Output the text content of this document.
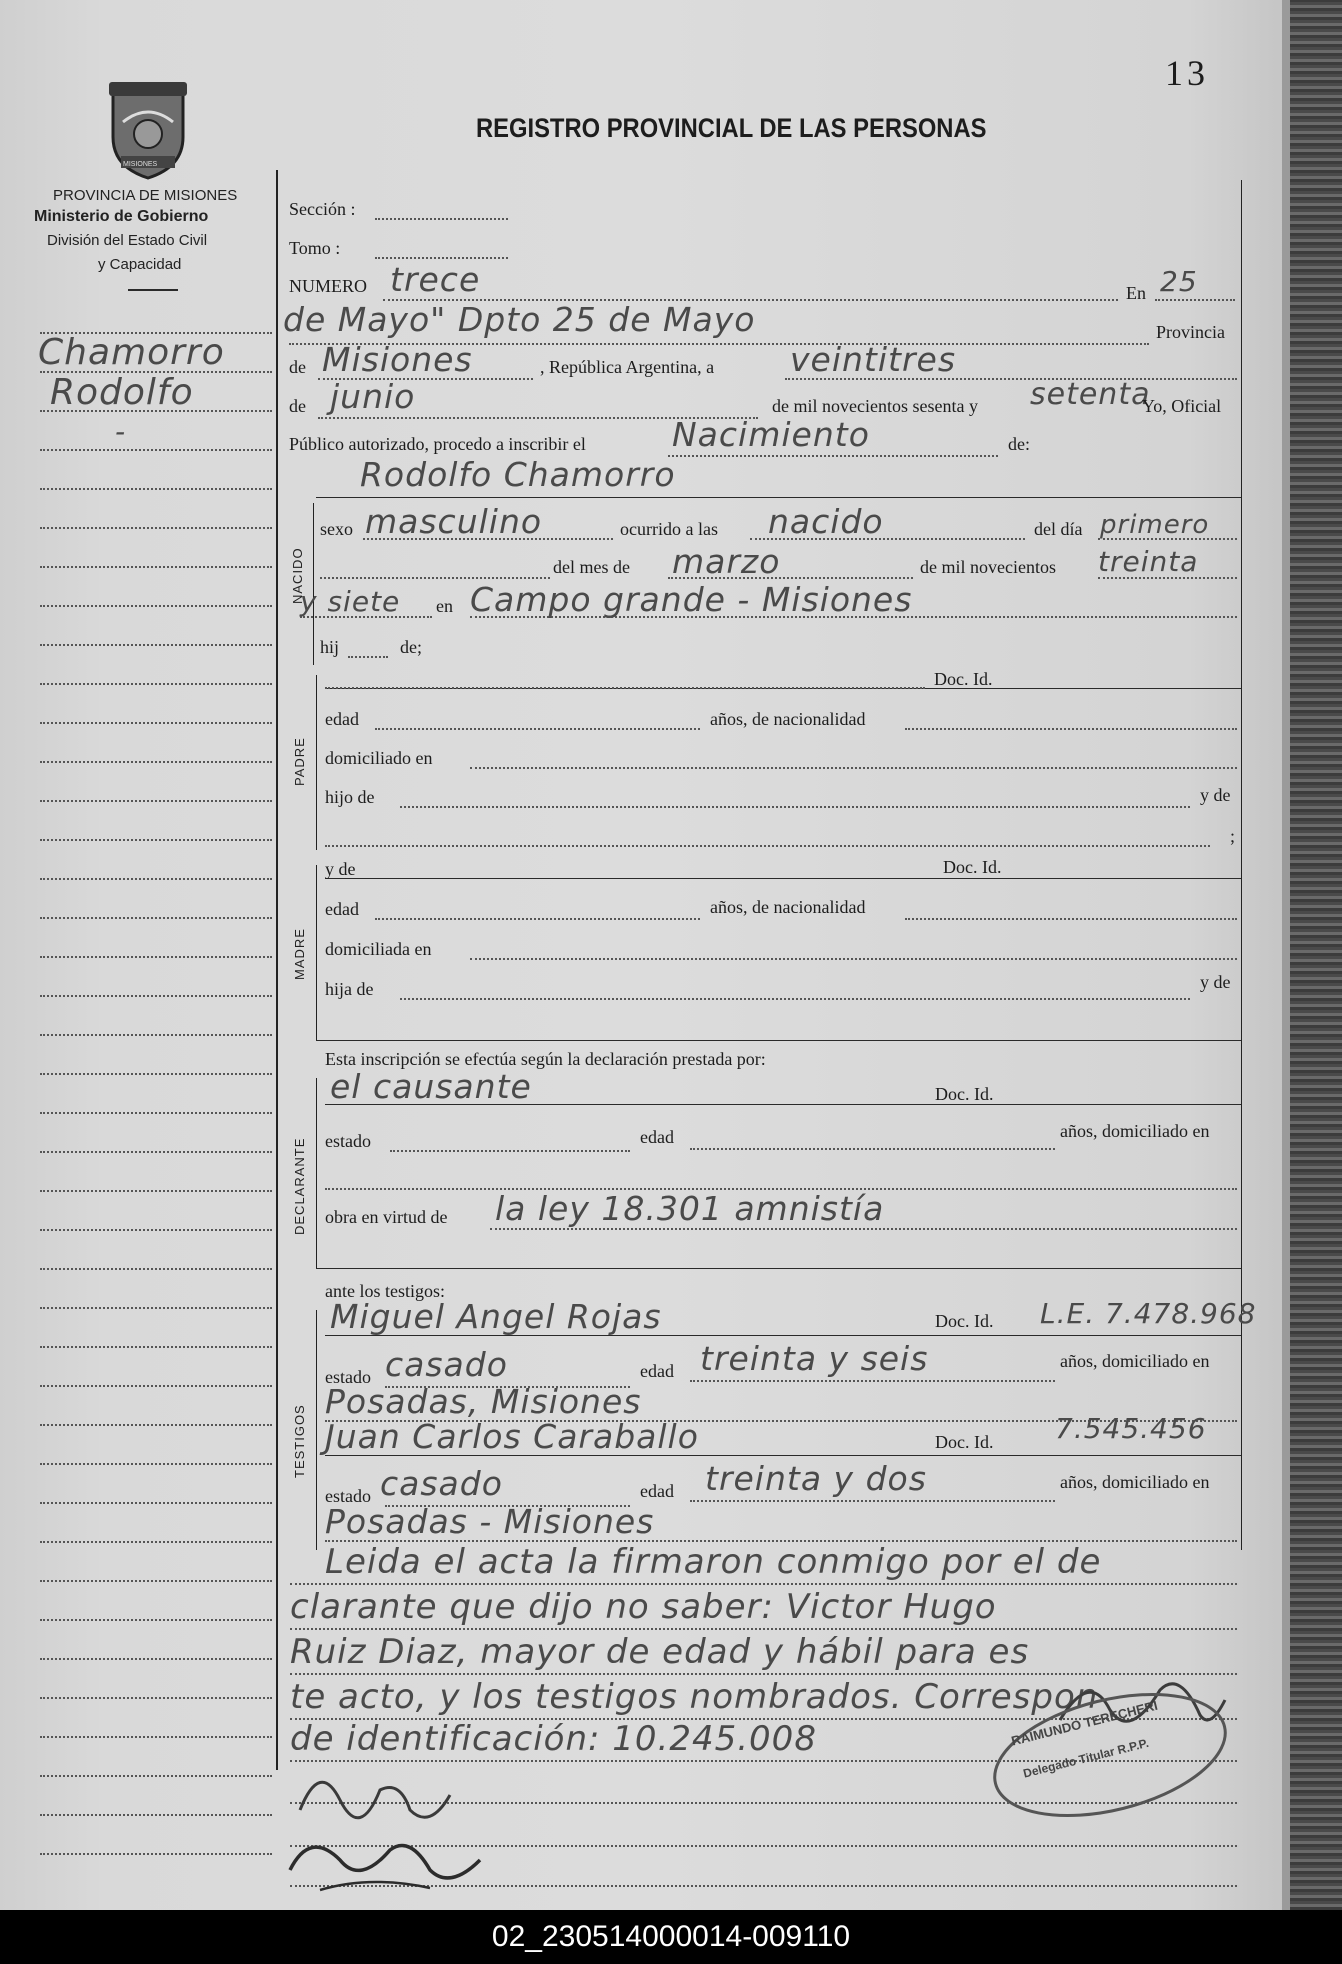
13
REGISTRO PROVINCIAL DE LAS PERSONAS
MISIONES
PROVINCIA DE MISIONES
Ministerio de Gobierno
División del Estado Civil
y Capacidad
Chamorro
Rodolfo
-
Sección :
Tomo :
NUMERO trece	En 25
de Mayo" Dpto 25 de Mayo	Provincia
de Misiones	, República Argentina, a veintitres
de junio	de mil novecientos sesenta y setenta
Yo, Oficial
Público autorizado, procedo a inscribir el	Nacimiento	de:
Rodolfo Chamorro
NACIDO
sexo masculino	ocurrido a las nacido	del día primero
del mes de marzo	de mil novecientos treinta
y siete en Campo grande - Misiones
hij	de;
PADRE
Doc. Id.
edad	años, de nacionalidad
domiciliado en
hijo de	y de
;
MADRE
y de	Doc. Id.
edad	años, de nacionalidad
domiciliada en
hija de	y de
Esta inscripción se efectúa según la declaración prestada por:
DECLARANTE
el causante	Doc. Id.
estado	edad	años, domiciliado en
obra en virtud de la ley 18.301 amnistía
ante los testigos:
TESTIGOS
Miguel Angel Rojas	Doc. Id. L.E. 7.478.968
estado casado	edad treinta y seis	años, domiciliado en
Posadas, Misiones
Juan Carlos Caraballo	Doc. Id. 7.545.456
estado casado	edad treinta y dos	años, domiciliado en
Posadas - Misiones
Leida el acta la firmaron conmigo por el de
clarante que dijo no saber: Victor Hugo
Ruiz Diaz, mayor de edad y hábil para es
te acto, y los testigos nombrados. Correspon
de identificación: 10.245.008	RAIMUNDO TERECHERI
Delegado Titular R.P.P.
02_230514000014-009110
